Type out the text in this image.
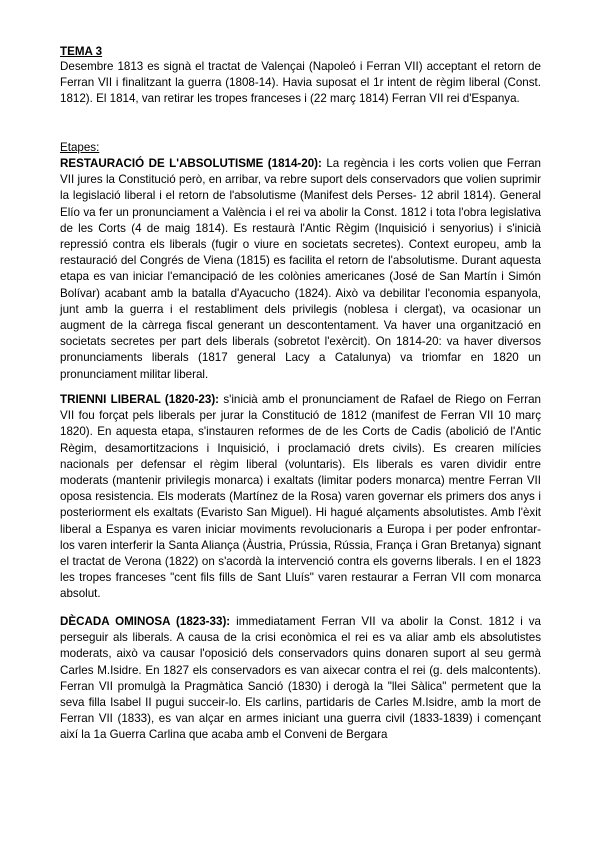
TEMA 3

Desembre 1813 es signà el tractat de Valençai (Napoleó i Ferran VII) acceptant el retorn de Ferran VII i finalitzant la guerra (1808-14). Havia suposat el 1r intent de règim liberal (Const. 1812). El 1814, van retirar les tropes franceses i (22 març 1814) Ferran VII rei d'Espanya.

Etapes:

RESTAURACIÓ DE L'ABSOLUTISME (1814-20): La regència i les corts volien que Ferran VII jures la Constitució però, en arribar, va rebre suport dels conservadors que volien suprimir la legislació liberal i el retorn de l'absolutisme (Manifest dels Perses- 12 abril 1814). General Elío va fer un pronunciament a València i el rei va abolir la Const. 1812 i tota l'obra legislativa de les Corts (4 de maig 1814). Es restaurà l'Antic Règim (Inquisició i senyorius) i s'inicià repressió contra els liberals (fugir o viure en societats secretes). Context europeu, amb la restauració del Congrés de Viena (1815) es facilita el retorn de l'absolutisme. Durant aquesta etapa es van iniciar l'emancipació de les colònies americanes (José de San Martín i Simón Bolívar) acabant amb la batalla d'Ayacucho (1824). Això va debilitar l'economia espanyola, junt amb la guerra i el restabliment dels privilegis (noblesa i clergat), va ocasionar un augment de la càrrega fiscal generant un descontentament. Va haver una organització en societats secretes per part dels liberals (sobretot l'exèrcit). On 1814-20: va haver diversos pronunciaments liberals (1817 general Lacy a Catalunya) va triomfar en 1820 un pronunciament militar liberal.

TRIENNI LIBERAL (1820-23): s'inicià amb el pronunciament de Rafael de Riego on Ferran VII fou forçat pels liberals per jurar la Constitució de 1812 (manifest de Ferran VII 10 març 1820). En aquesta etapa, s'instauren reformes de de les Corts de Cadis (abolició de l'Antic Règim, desamortitzacions i Inquisició, i proclamació drets civils). Es crearen milícies nacionals per defensar el règim liberal (voluntaris). Els liberals es varen dividir entre moderats (mantenir privilegis monarca) i exaltats (limitar poders monarca) mentre Ferran VII oposa resistencia. Els moderats (Martínez de la Rosa) varen governar els primers dos anys i posteriorment els exaltats (Evaristo San Miguel). Hi hagué alçaments absolutistes. Amb l'èxit liberal a Espanya es varen iniciar moviments revolucionaris a Europa i per poder enfrontar-los varen interferir la Santa Aliança (Àustria, Prússia, Rússia, França i Gran Bretanya) signant el tractat de Verona (1822) on s'acordà la intervenció contra els governs liberals. I en el 1823 les tropes franceses "cent fils fills de Sant Lluís" varen restaurar a Ferran VII com monarca absolut.

DÈCADA OMINOSA (1823-33): immediatament Ferran VII va abolir la Const. 1812 i va perseguir als liberals. A causa de la crisi econòmica el rei es va aliar amb els absolutistes moderats, això va causar l'oposició dels conservadors quins donaren suport al seu germà Carles M.Isidre. En 1827 els conservadors es van aixecar contra el rei (g. dels malcontents). Ferran VII promulgà la Pragmàtica Sanció (1830) i derogà la "llei Sàlica" permetent que la seva filla Isabel II pugui succeir-lo. Els carlins, partidaris de Carles M.Isidre, amb la mort de Ferran VII (1833), es van alçar en armes iniciant una guerra civil (1833-1839) i començant així la 1a Guerra Carlina que acaba amb el Conveni de Bergara
